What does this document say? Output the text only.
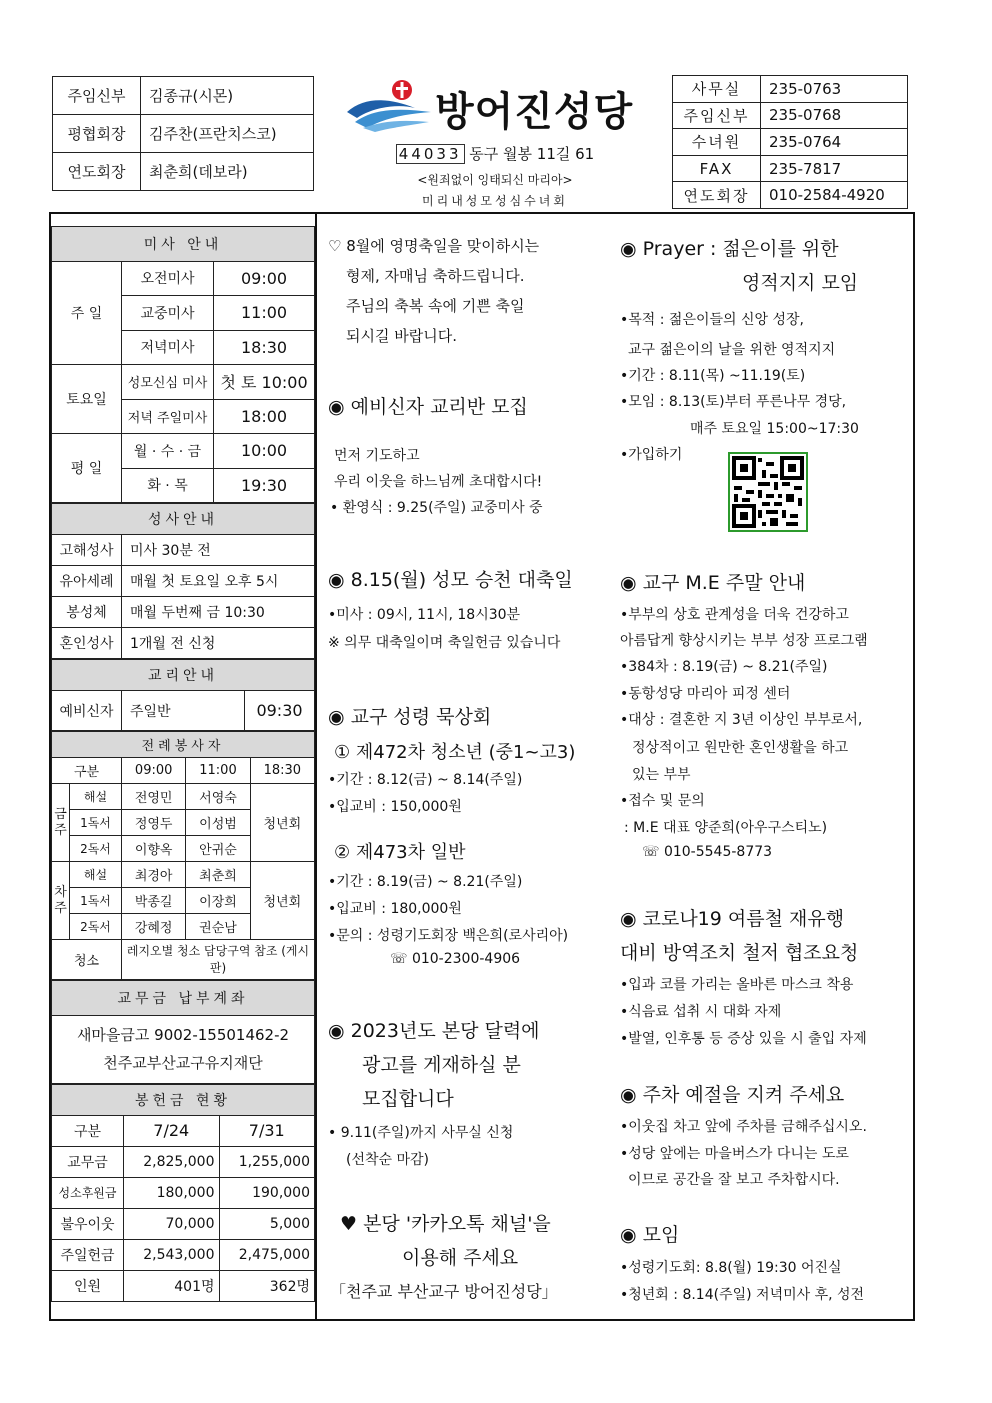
주임신부	김종규(시몬)
평협회장	김주찬(프란치스코)
연도회장	최춘희(데보라)
방어진성당
44033 동구 월봉 11길 61
<원죄없이 잉태되신 마리아>
미리내성모성심수녀회
사무실	235-0763
주임신부	235-0768
수녀원	235-0764
FAX	235-7817
연도회장	010-2584-4920
미사 안내		
주 일	오전미사	09:00
	교중미사	11:00
	저녁미사	18:30
토요일	성모신심 미사	첫 토 10:00
	저녁 주일미사	18:00
평 일	월 · 수 · 금	10:00
	화 · 목	19:30
성사안내	
고해성사	미사 30분 전
유아세례	매월 첫 토요일 오후 5시
봉성체	매월 두번째 금 10:30
혼인성사	1개월 전 신청
교리안내
예비신자	주일반	09:30
전례봉사자				
구분		09:00	11:00	18:30
금주	해설	전영민	서영숙	청년회
	1독서	정영두	이성범	
	2독서	이향옥	안귀순	
차주	해설	최경아	최춘희	청년회
	1독서	박종길	이장희	
	2독서	강혜정	권순남	
청소		레지오별 청소 담당구역 참조 (게시판)		
교무금 납부계좌
새마을금고 9002-15501462-2
천주교부산교구유지재단
봉헌금 현황		
구분	7/24	7/31
교무금	2,825,000	1,255,000
성소후원금	180,000	190,000
불우이웃	70,000	5,000
주일헌금	2,543,000	2,475,000
인원	401명	362명
♡ 8월에 영명축일을 맞이하시는
형제, 자매님 축하드립니다.
주님의 축복 속에 기쁜 축일
되시길 바랍니다.
◉ 예비신자 교리반 모집
먼저 기도하고
우리 이웃을 하느님께 초대합시다!
• 환영식 : 9.25(주일) 교중미사 중
◉ 8.15(월) 성모 승천 대축일
•미사 : 09시, 11시, 18시30분
※ 의무 대축일이며 축일헌금 있습니다
◉ 교구 성령 묵상회
① 제472차 청소년 (중1~고3)
•기간 : 8.12(금) ~ 8.14(주일)
•입교비 : 150,000원
② 제473차 일반
•기간 : 8.19(금) ~ 8.21(주일)
•입교비 : 180,000원
•문의 : 성령기도회장 백은희(로사리아)
☏ 010-2300-4906
◉ 2023년도 본당 달력에
광고를 게재하실 분
모집합니다
• 9.11(주일)까지 사무실 신청
(선착순 마감)
♥ 본당 '카카오톡 채널'을
이용해 주세요
「천주교 부산교구 방어진성당」
◉ Prayer : 젊은이를 위한
영적지지 모임
•목적 : 젊은이들의 신앙 성장,
교구 젊은이의 날을 위한 영적지지
•기간 : 8.11(목) ~11.19(토)
•모임 : 8.13(토)부터 푸른나무 경당,
매주 토요일 15:00~17:30
•가입하기
◉ 교구 M.E 주말 안내
•부부의 상호 관계성을 더욱 건강하고
아름답게 향상시키는 부부 성장 프로그램
•384차 : 8.19(금) ~ 8.21(주일)
•동항성당 마리아 피정 센터
•대상 : 결혼한 지 3년 이상인 부부로서,
정상적이고 원만한 혼인생활을 하고
있는 부부
•접수 및 문의
: M.E 대표 양준희(아우구스티노)
☏ 010-5545-8773
◉ 코로나19 여름철 재유행
대비 방역조치 철저 협조요청
•입과 코를 가리는 올바른 마스크 착용
•식음료 섭취 시 대화 자제
•발열, 인후통 등 증상 있을 시 출입 자제
◉ 주차 예절을 지켜 주세요
•이웃집 차고 앞에 주차를 금해주십시오.
•성당 앞에는 마을버스가 다니는 도로
이므로 공간을 잘 보고 주차합시다.
◉ 모임
•성령기도회: 8.8(월) 19:30 어진실
•청년회 : 8.14(주일) 저녁미사 후, 성전
